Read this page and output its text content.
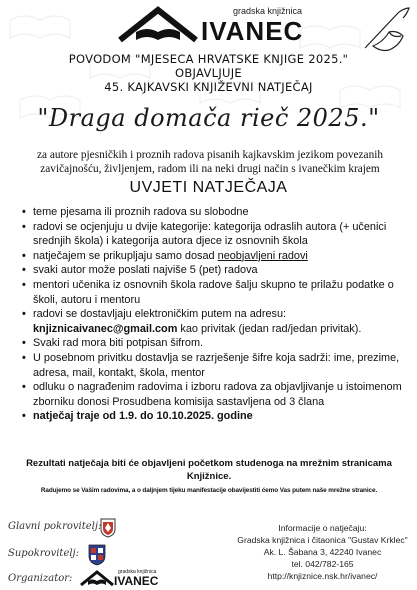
gradska knjižnica
IVANEC
POVODOM "MJESECA HRVATSKE KNJIGE 2025."
OBJAVLJUJE
45. KAJKAVSKI KNJIŽEVNI NATJEČAJ
"Draga domača rieč 2025."
za autore pjesničkih i proznih radova pisanih kajkavskim jezikom povezanih zavičajnošću, življenjem, radom ili na neki drugi način s ivanečkim krajem
UVJETI NATJEČAJA
• teme pjesama ili proznih radova su slobodne
• radovi se ocjenjuju u dvije kategorije: kategorija odraslih autora (+ učenici srednjih škola) i kategorija autora djece iz osnovnih škola
• natječajem se prikupljaju samo dosad neobjavljeni radovi
• svaki autor može poslati najviše 5 (pet) radova
• mentori učenika iz osnovnih škola radove šalju skupno te prilažu podatke o školi, autoru i mentoru
• radovi se dostavljaju elektroničkim putem na adresu:
knjiznicaivanec@gmail.com kao privitak (jedan rad/jedan privitak).
• Svaki rad mora biti potpisan šifrom.
• U posebnom privitku dostavlja se razrješenje šifre koja sadrži: ime, prezime, adresa, mail, kontakt, škola, mentor
• odluku o nagrađenim radovima i izboru radova za objavljivanje u istoimenom zborniku donosi Prosudbena komisija sastavljena od 3 člana
• natječaj traje od 1.9. do 10.10.2025. godine
Rezultati natječaja biti će objavljeni početkom studenoga na mrežnim stranicama Knjižnice.
Radujemo se Vašim radovima, a o daljnjem tijeku manifestacije obavijestiti ćemo Vas putem naše mrežne stranice.
Glavni pokrovitelj:
Supokrovitelj:
Organizator:
gradska knjižnica
IVANEC
Informacije o natječaju:
Gradska knjižnica i čitaonica "Gustav Krklec"
Ak. L. Šabana 3, 42240 Ivanec
tel. 042/782-165
http://knjiznice.nsk.hr/ivanec/
